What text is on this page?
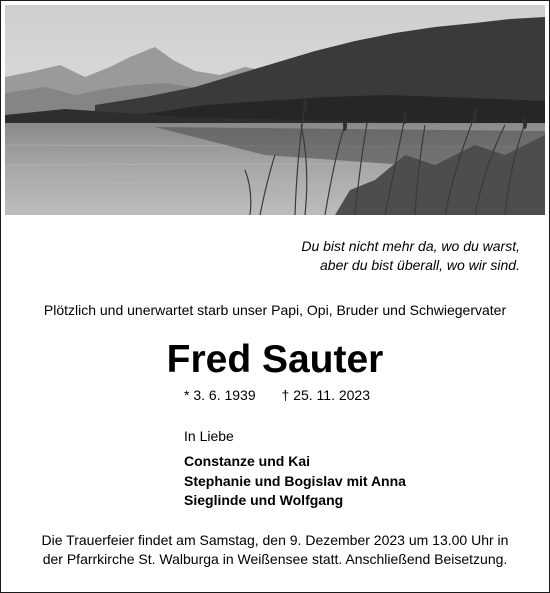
Du bist nicht mehr da, wo du warst,
aber du bist überall, wo wir sind.
Plötzlich und unerwartet starb unser Papi, Opi, Bruder und Schwiegervater
Fred Sauter
* 3. 6. 1939 † 25. 11. 2023
In Liebe
Constanze und Kai
Stephanie und Bogislav mit Anna
Sieglinde und Wolfgang
Die Trauerfeier findet am Samstag, den 9. Dezember 2023 um 13.00 Uhr in
der Pfarrkirche St. Walburga in Weißensee statt. Anschließend Beisetzung.
